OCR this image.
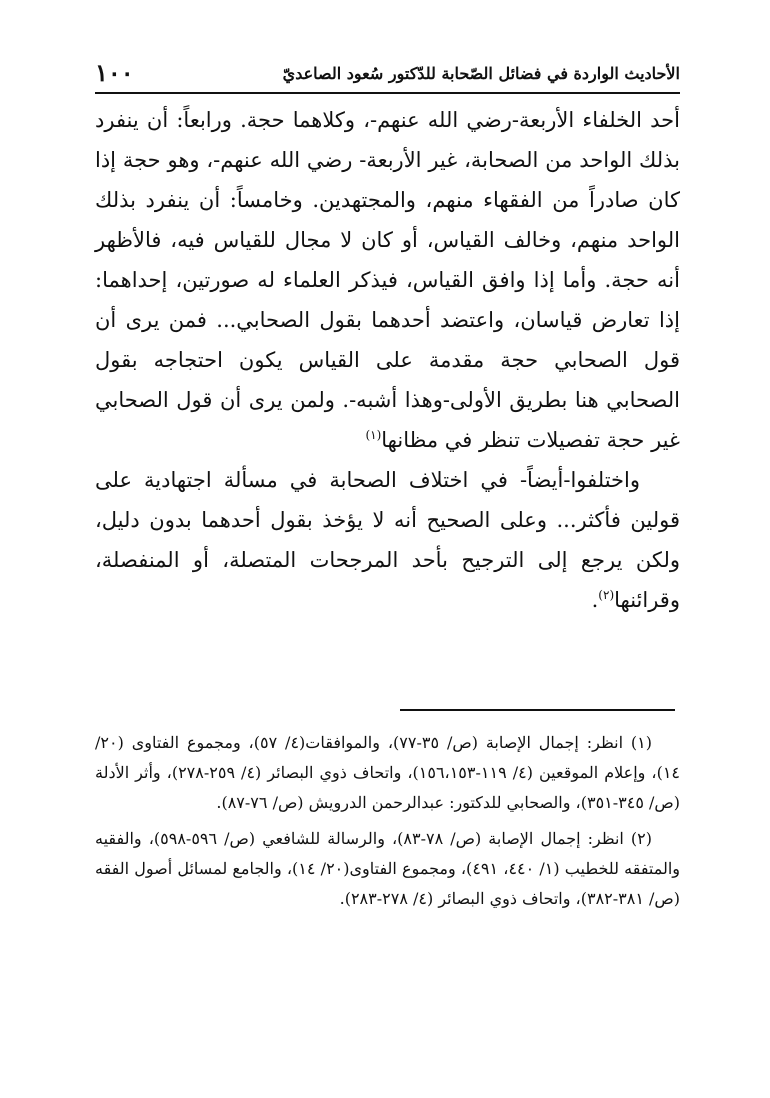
١٠٠	الأحاديث الواردة في فضائل الصّحابة للدّكتور سُعود الصاعديّ

أحد الخلفاء الأربعة-رضي الله عنهم-، وكلاهما حجة. ورابعاً: أن ينفرد بذلك الواحد من الصحابة، غير الأربعة- رضي الله عنهم-، وهو حجة إذا كان صادراً من الفقهاء منهم، والمجتهدين. وخامساً: أن ينفرد بذلك الواحد منهم، وخالف القياس، أو كان لا مجال للقياس فيه، فالأظهر أنه حجة. وأما إذا وافق القياس، فيذكر العلماء له صورتين، إحداهما: إذا تعارض قياسان، واعتضد أحدهما بقول الصحابي... فمن يرى أن قول الصحابي حجة مقدمة على القياس يكون احتجاجه بقول الصحابي هنا بطريق الأولى-وهذا أشبه-. ولمن يرى أن قول الصحابي غير حجة تفصيلات تنظر في مظانها$^{(١)}$

واختلفوا-أيضاً- في اختلاف الصحابة في مسألة اجتهادية على قولين فأكثر... وعلى الصحيح أنه لا يؤخذ بقول أحدهما بدون دليل، ولكن يرجع إلى الترجيح بأحد المرجحات المتصلة، أو المنفصلة، وقرائنها$^{(٢)}$.

(١) انظر: إجمال الإصابة (ص/ ٣٥-٧٧)، والموافقات(٤/ ٥٧)، ومجموع الفتاوى (٢٠/ ١٤)، وإعلام الموقعين (٤/ ١١٩-١٥٦،١٥٣)، واتحاف ذوي البصائر (٤/ ٢٥٩-٢٧٨)، وأثر الأدلة (ص/ ٣٤٥-٣٥١)، والصحابي للدكتور: عبدالرحمن الدرويش (ص/ ٧٦-٨٧).

(٢) انظر: إجمال الإصابة (ص/ ٧٨-٨٣)، والرسالة للشافعي (ص/ ٥٩٦-٥٩٨)، والفقيه والمتفقه للخطيب (١/ ٤٤٠، ٤٩١)، ومجموع الفتاوى(٢٠/ ١٤)، والجامع لمسائل أصول الفقه (ص/ ٣٨١-٣٨٢)، واتحاف ذوي البصائر (٤/ ٢٧٨-٢٨٣).
